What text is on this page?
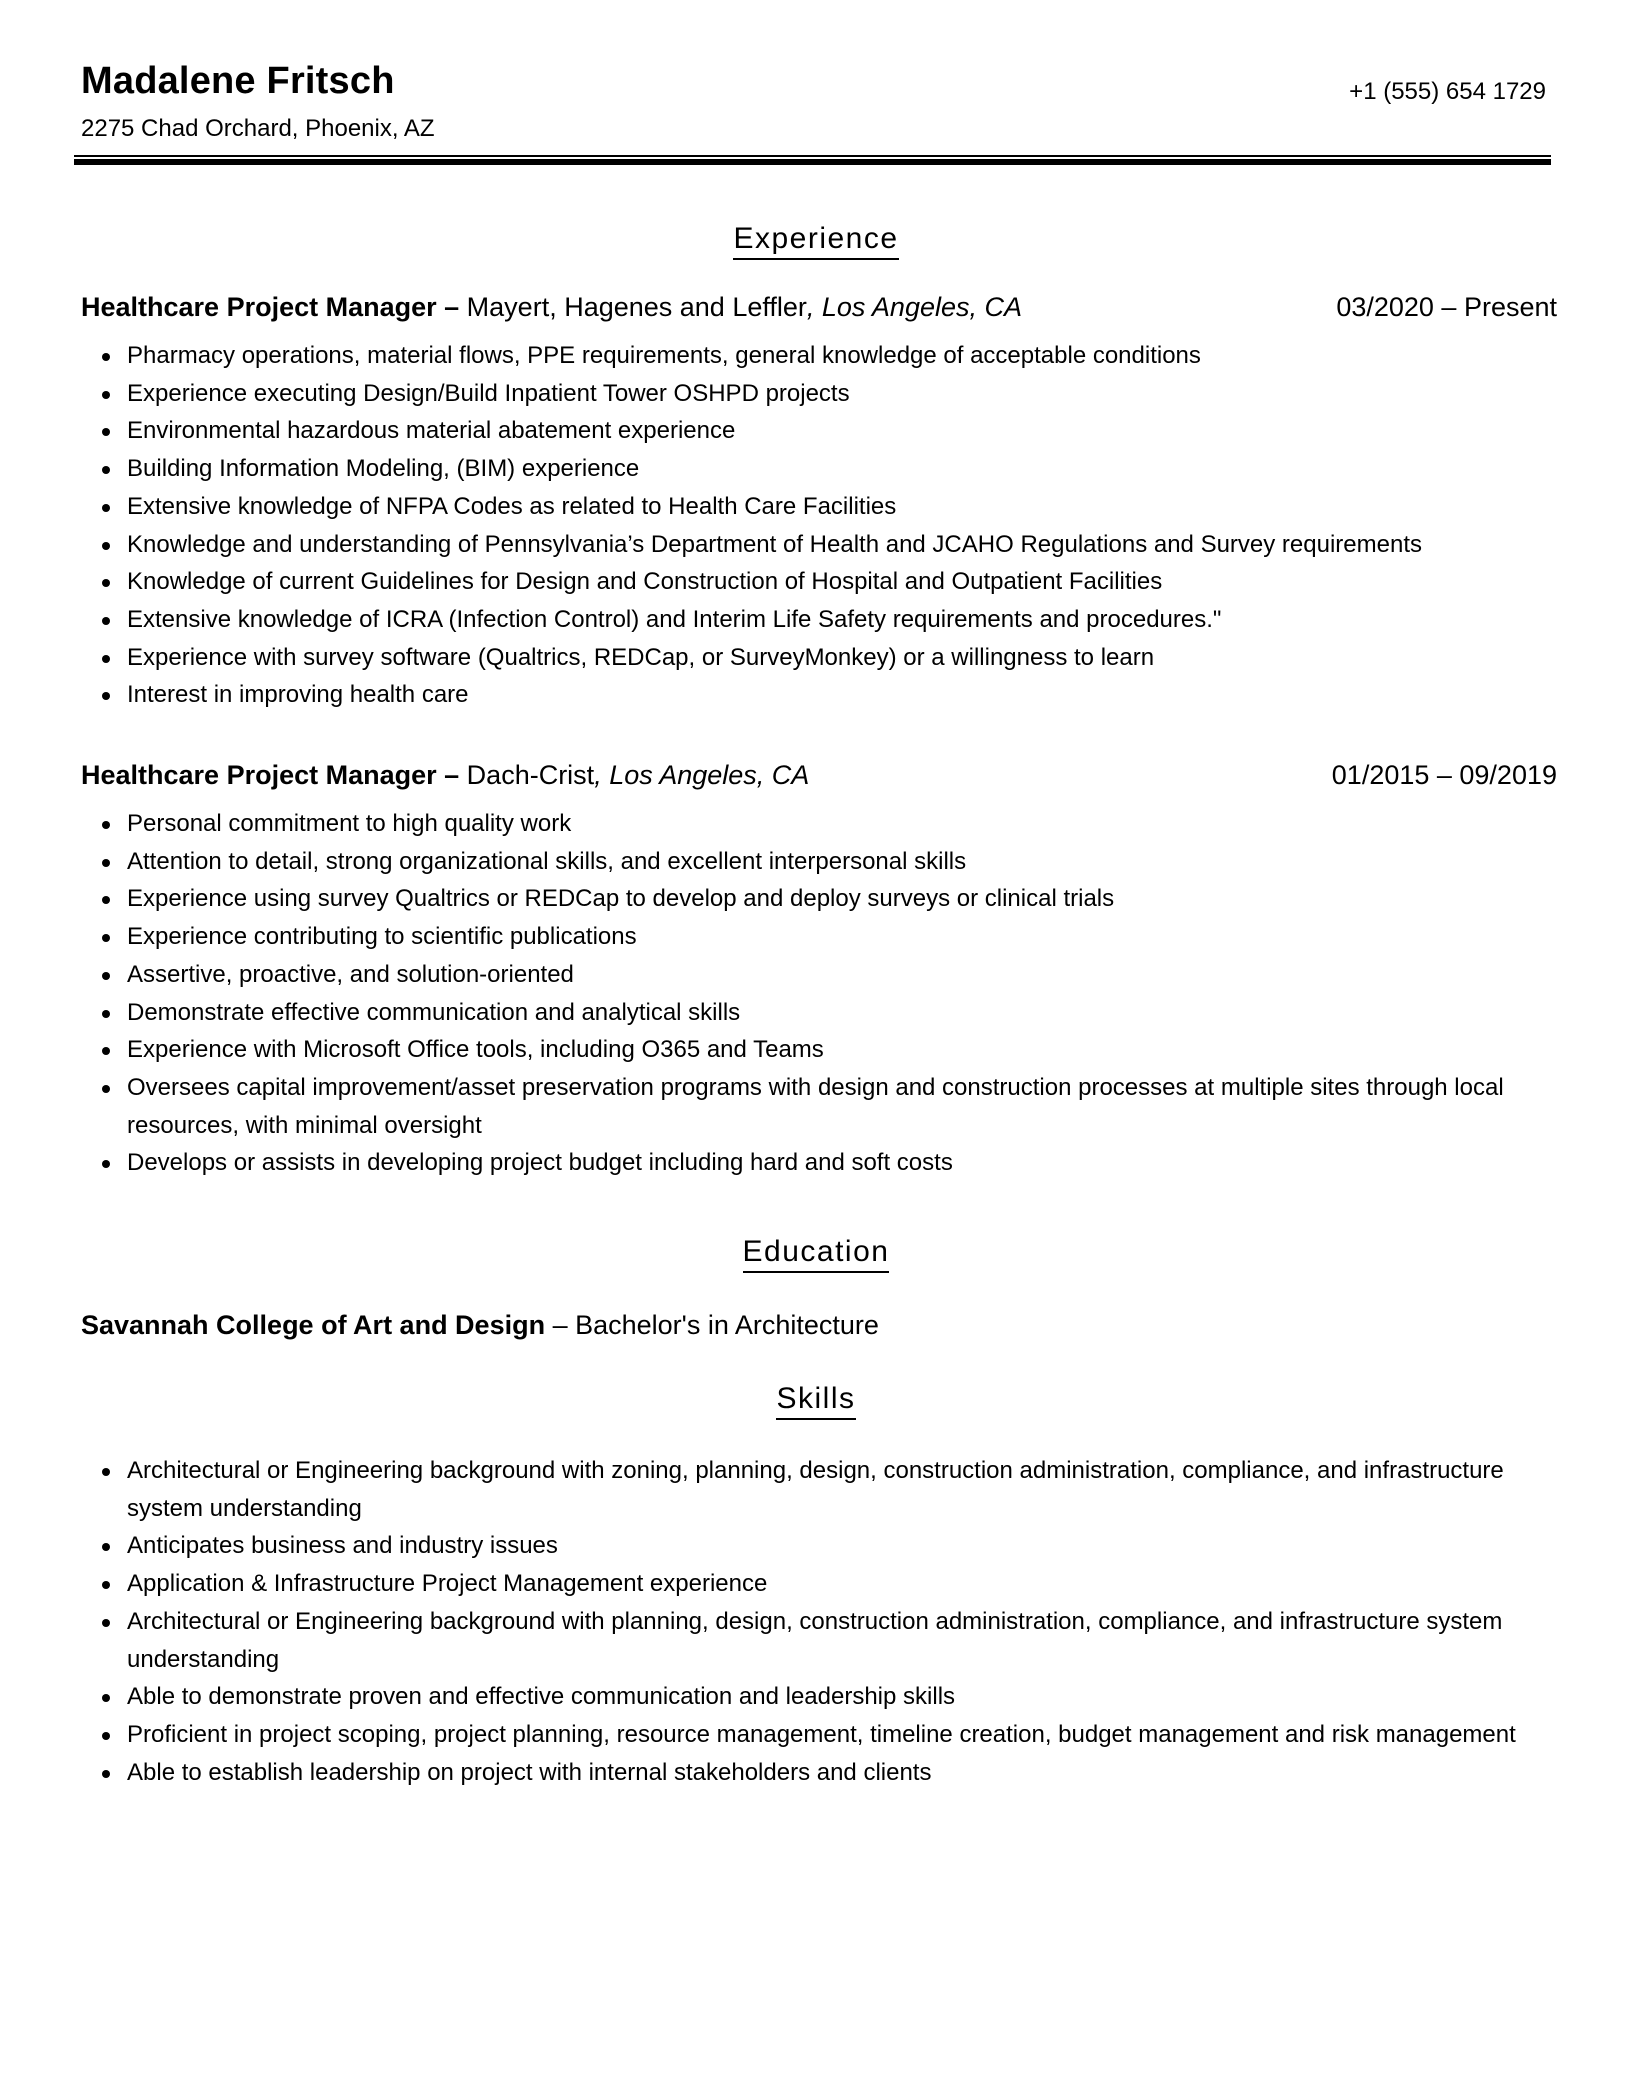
Madalene Fritsch
2275 Chad Orchard, Phoenix, AZ
+1 (555) 654 1729
Experience
Healthcare Project Manager – Mayert, Hagenes and Leffler, Los Angeles, CA	03/2020 – Present
Pharmacy operations, material flows, PPE requirements, general knowledge of acceptable conditions
Experience executing Design/Build Inpatient Tower OSHPD projects
Environmental hazardous material abatement experience
Building Information Modeling, (BIM) experience
Extensive knowledge of NFPA Codes as related to Health Care Facilities
Knowledge and understanding of Pennsylvania’s Department of Health and JCAHO Regulations and Survey requirements
Knowledge of current Guidelines for Design and Construction of Hospital and Outpatient Facilities
Extensive knowledge of ICRA (Infection Control) and Interim Life Safety requirements and procedures."
Experience with survey software (Qualtrics, REDCap, or SurveyMonkey) or a willingness to learn
Interest in improving health care
Healthcare Project Manager – Dach-Crist, Los Angeles, CA	01/2015 – 09/2019
Personal commitment to high quality work
Attention to detail, strong organizational skills, and excellent interpersonal skills
Experience using survey Qualtrics or REDCap to develop and deploy surveys or clinical trials
Experience contributing to scientific publications
Assertive, proactive, and solution-oriented
Demonstrate effective communication and analytical skills
Experience with Microsoft Office tools, including O365 and Teams
Oversees capital improvement/asset preservation programs with design and construction processes at multiple sites through local resources, with minimal oversight
Develops or assists in developing project budget including hard and soft costs
Education
Savannah College of Art and Design – Bachelor's in Architecture
Skills
Architectural or Engineering background with zoning, planning, design, construction administration, compliance, and infrastructure system understanding
Anticipates business and industry issues
Application & Infrastructure Project Management experience
Architectural or Engineering background with planning, design, construction administration, compliance, and infrastructure system understanding
Able to demonstrate proven and effective communication and leadership skills
Proficient in project scoping, project planning, resource management, timeline creation, budget management and risk management
Able to establish leadership on project with internal stakeholders and clients
